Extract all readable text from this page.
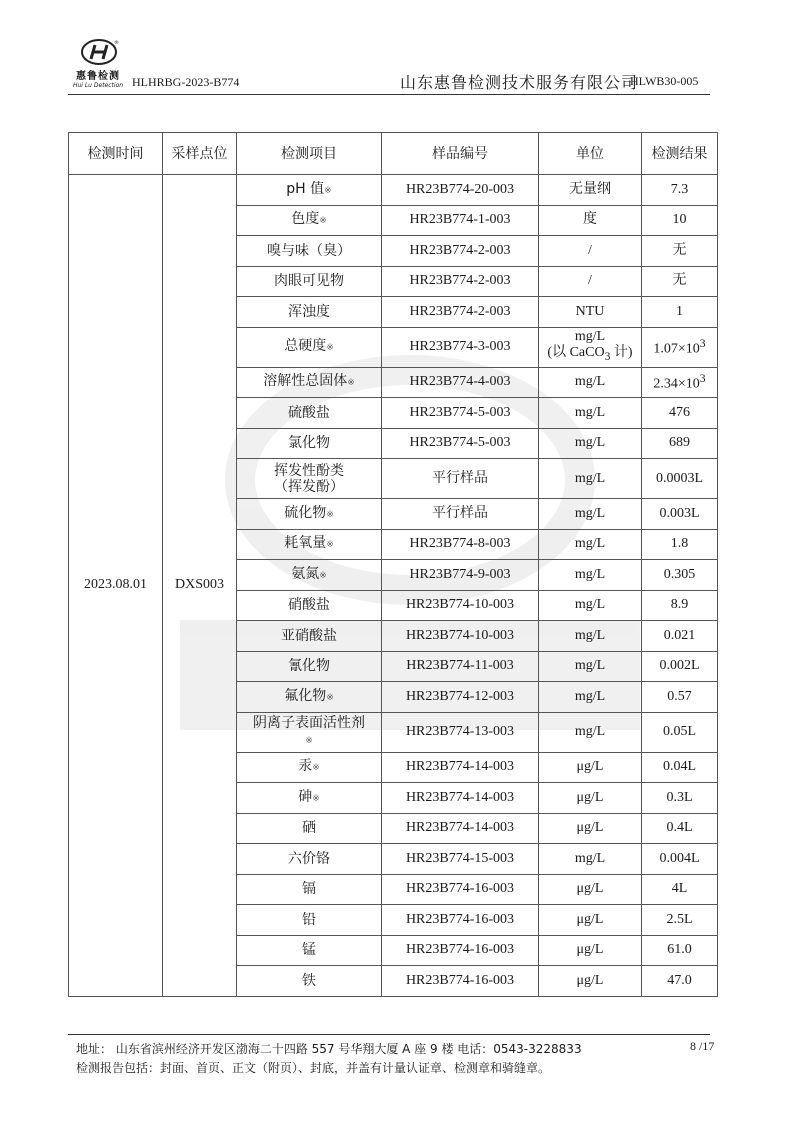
®
惠鲁检测
Hui Lu Detection HLHRBG-2023-B774	山东惠鲁检测技术服务有限公司
HLWB30-005
检测时间	采样点位	检测项目	样品编号	单位	检测结果
2023.08.01	DXS003	pH 值※	HR23B774-20-003	无量纲	7.3
		色度※	HR23B774-1-003	度	10
		嗅与味（臭）	HR23B774-2-003	/	无
		肉眼可见物	HR23B774-2-003	/	无
		浑浊度	HR23B774-2-003	NTU	1
		总硬度※	HR23B774-3-003	mg/L
(以 CaCO$_3$ 计)	$1.07\times 10^3$
		溶解性总固体※	HR23B774-4-003	mg/L	$2.34\times 10^3$
		硫酸盐	HR23B774-5-003	mg/L	476
		氯化物	HR23B774-5-003	mg/L	689
		挥发性酚类
（挥发酚）	平行样品	mg/L	0.0003L
		硫化物※	平行样品	mg/L	0.003L
		耗氧量※	HR23B774-8-003	mg/L	1.8
		氨氮※	HR23B774-9-003	mg/L	0.305
		硝酸盐	HR23B774-10-003	mg/L	8.9
		亚硝酸盐	HR23B774-10-003	mg/L	0.021
		氰化物	HR23B774-11-003	mg/L	0.002L
		氟化物※	HR23B774-12-003	mg/L	0.57
		阴离子表面活性剂
※	HR23B774-13-003	mg/L	0.05L
		汞※	HR23B774-14-003	μg/L	0.04L
		砷※	HR23B774-14-003	μg/L	0.3L
		硒	HR23B774-14-003	μg/L	0.4L
		六价铬	HR23B774-15-003	mg/L	0.004L
		镉	HR23B774-16-003	μg/L	4L
		铅	HR23B774-16-003	μg/L	2.5L
		锰	HR23B774-16-003	μg/L	61.0
		铁	HR23B774-16-003	μg/L	47.0
地址： 山东省滨州经济开发区渤海二十四路 557 号华翔大厦 A 座 9 楼 电话：0543-3228833	8 /17
检测报告包括：封面、首页、正文（附页）、封底，并盖有计量认证章、检测章和骑缝章。
